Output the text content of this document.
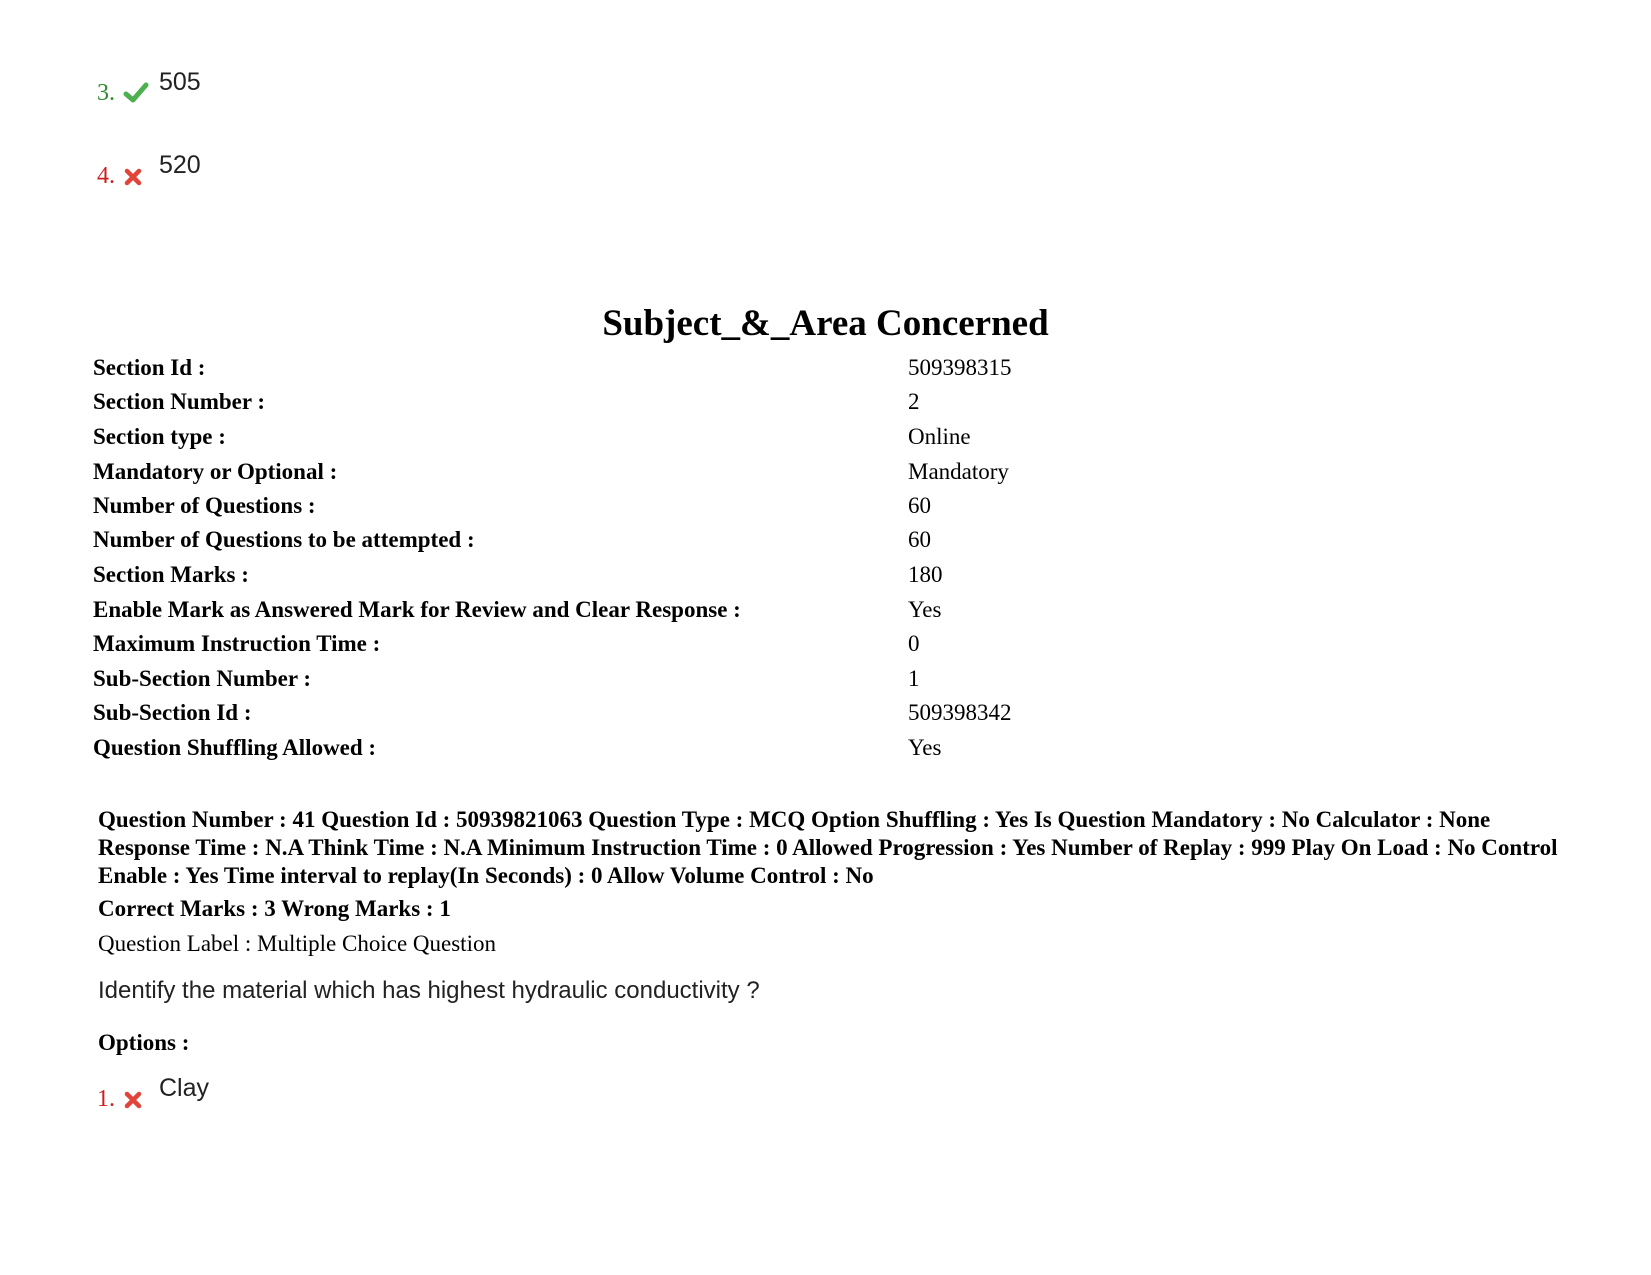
3. 505
4. 520
Subject_&_Area Concerned
Section Id :	509398315
Section Number :	2
Section type :	Online
Mandatory or Optional :	Mandatory
Number of Questions :	60
Number of Questions to be attempted :	60
Section Marks :	180
Enable Mark as Answered Mark for Review and Clear Response :	Yes
Maximum Instruction Time :	0
Sub-Section Number :	1
Sub-Section Id :	509398342
Question Shuffling Allowed :	Yes
Question Number : 41 Question Id : 50939821063 Question Type : MCQ Option Shuffling : Yes Is Question Mandatory : No Calculator : None Response Time : N.A Think Time : N.A Minimum Instruction Time : 0 Allowed Progression : Yes Number of Replay : 999 Play On Load : No Control Enable : Yes Time interval to replay(In Seconds) : 0 Allow Volume Control : No
Correct Marks : 3 Wrong Marks : 1
Question Label : Multiple Choice Question
Identify the material which has highest hydraulic conductivity ?
Options :
1. Clay
